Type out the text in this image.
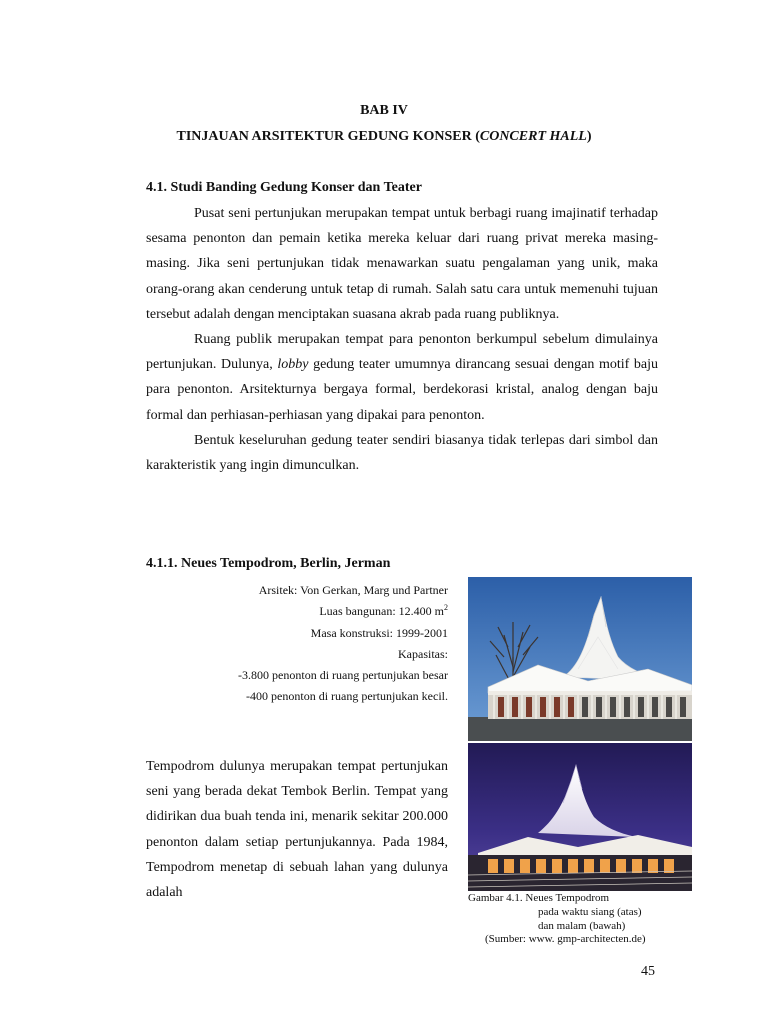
BAB IV
TINJAUAN ARSITEKTUR GEDUNG KONSER (CONCERT HALL)
4.1. Studi Banding Gedung Konser dan Teater

Pusat seni pertunjukan merupakan tempat untuk berbagi ruang imajinatif terhadap sesama penonton dan pemain ketika mereka keluar dari ruang privat mereka masing-masing. Jika seni pertunjukan tidak menawarkan suatu pengalaman yang unik, maka orang-orang akan cenderung untuk tetap di rumah. Salah satu cara untuk memenuhi tujuan tersebut adalah dengan menciptakan suasana akrab pada ruang publiknya.

Ruang publik merupakan tempat para penonton berkumpul sebelum dimulainya pertunjukan. Dulunya, lobby gedung teater umumnya dirancang sesuai dengan motif baju para penonton. Arsitekturnya bergaya formal, berdekorasi kristal, analog dengan baju formal dan perhiasan-perhiasan yang dipakai para penonton.

Bentuk keseluruhan gedung teater sendiri biasanya tidak terlepas dari simbol dan karakteristik yang ingin dimunculkan.

4.1.1. Neues Tempodrom, Berlin, Jerman
Arsitek: Von Gerkan, Marg und Partner
Luas bangunan: 12.400 $m^2$
Masa konstruksi: 1999-2001
Kapasitas:
-3.800 penonton di ruang pertunjukan besar
-400 penonton di ruang pertunjukan kecil.

Tempodrom dulunya merupakan tempat pertunjukan seni yang berada dekat Tembok Berlin. Tempat yang didirikan dua buah tenda ini, menarik sekitar 200.000 penonton dalam setiap pertunjukannya. Pada 1984, Tempodrom menetap di sebuah lahan yang dulunya adalah	Gambar 4.1. Neues Tempodrom
pada waktu siang (atas)
dan malam (bawah)
(Sumber: www. gmp-architecten.de)
45
